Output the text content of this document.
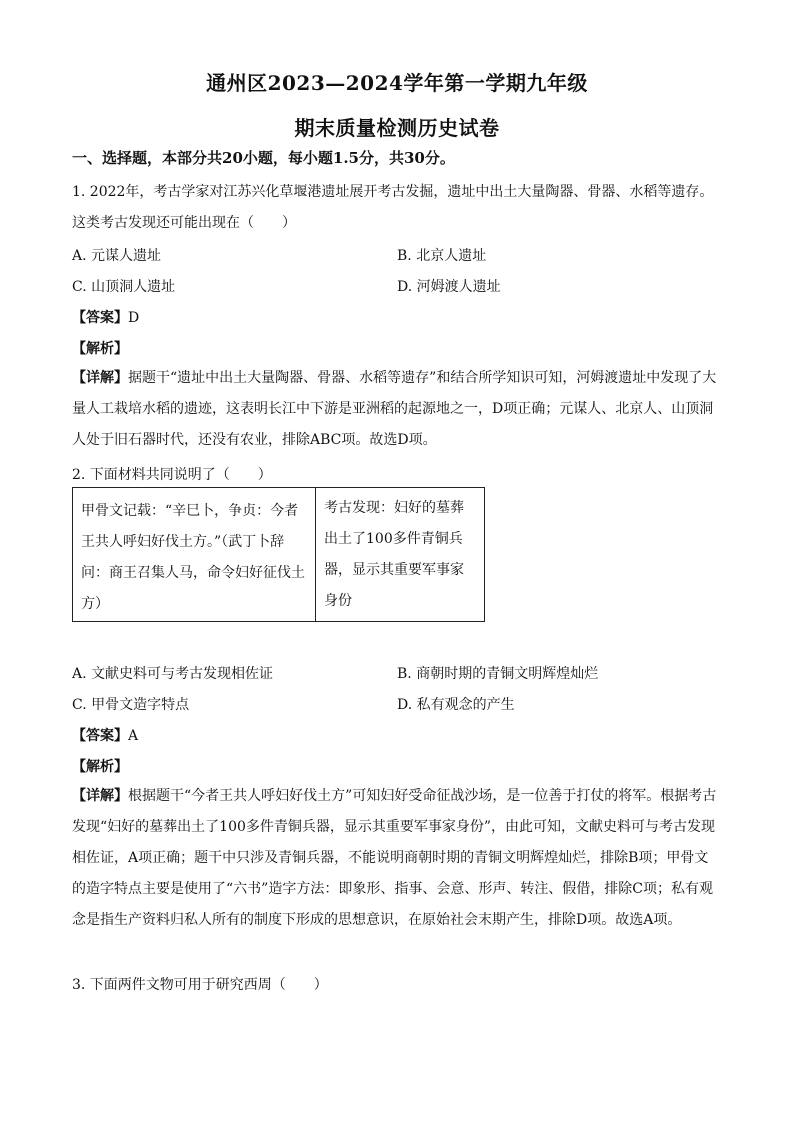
通州区2023—2024学年第一学期九年级
期末质量检测历史试卷
一、选择题，本部分共20小题，每小题1.5分，共30分。

1. 2022年，考古学家对江苏兴化草堰港遗址展开考古发掘，遗址中出土大量陶器、骨器、水稻等遗存。这类考古发现还可能出现在（　　）

A. 元谋人遗址	B. 北京人遗址
C. 山顶洞人遗址	D. 河姆渡人遗址
【答案】D
【解析】

【详解】据题干“遗址中出土大量陶器、骨器、水稻等遗存”和结合所学知识可知，河姆渡遗址中发现了大量人工栽培水稻的遗迹，这表明长江中下游是亚洲稻的起源地之一，D项正确；元谋人、北京人、山顶洞人处于旧石器时代，还没有农业，排除ABC项。故选D项。

2. 下面材料共同说明了（　　）
甲骨文记载：“辛巳卜，争贞：今者王共人呼妇好伐土方。”（武丁卜辞问：商王召集人马，命令妇好征伐土方）
考古发现：妇好的墓葬出土了100多件青铜兵器，显示其重要军事家身份
A. 文献史料可与考古发现相佐证	B. 商朝时期的青铜文明辉煌灿烂
C. 甲骨文造字特点	D. 私有观念的产生
【答案】A
【解析】

【详解】根据题干“今者王共人呼妇好伐土方”可知妇好受命征战沙场，是一位善于打仗的将军。根据考古发现“妇好的墓葬出土了100多件青铜兵器，显示其重要军事家身份”，由此可知，文献史料可与考古发现相佐证，A项正确；题干中只涉及青铜兵器，不能说明商朝时期的青铜文明辉煌灿烂，排除B项；甲骨文的造字特点主要是使用了“六书”造字方法：即象形、指事、会意、形声、转注、假借，排除C项；私有观念是指生产资料归私人所有的制度下形成的思想意识，在原始社会末期产生，排除D项。故选A项。

3. 下面两件文物可用于研究西周（　　）
